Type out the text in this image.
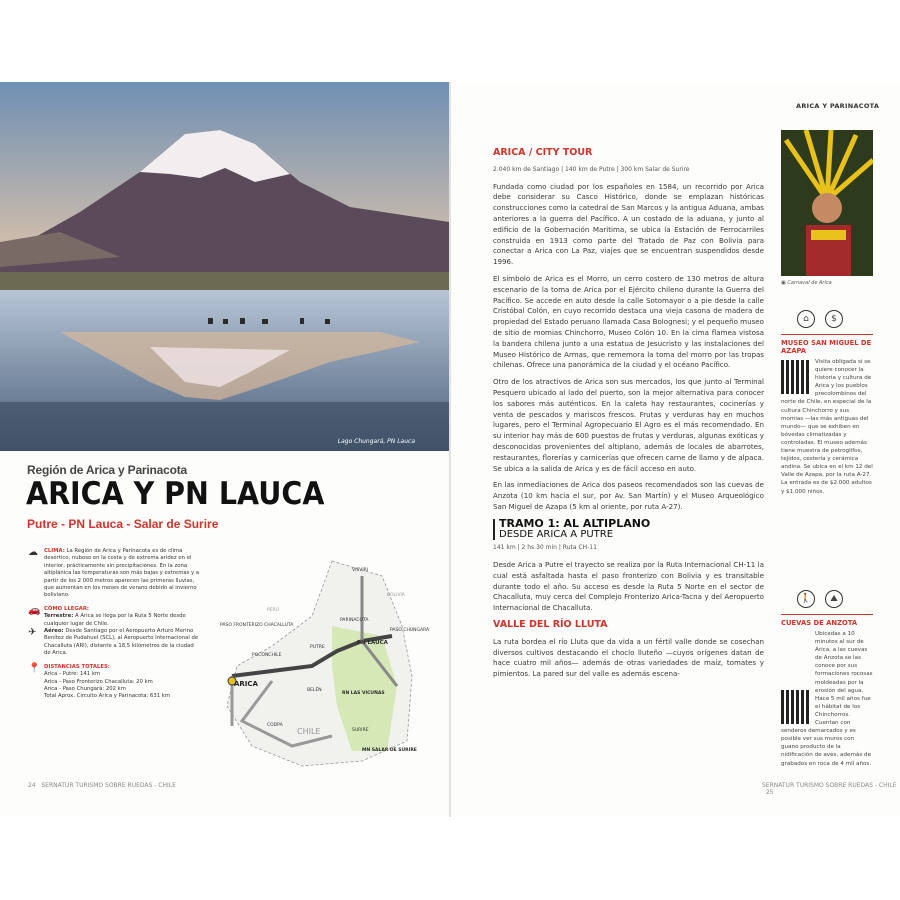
Lago Chungará, PN Lauca
Región de Arica y Parinacota
ARICA Y PN LAUCA
Putre - PN Lauca - Salar de Surire
☁	CLIMA: La Región de Arica y Parinacota es de clima desértico, nuboso en la costa y de extrema aridez en el interior, prácticamente sin precipitaciones. En la zona altiplánica las temperaturas son más bajas y extremas y a partir de los 2 000 metros aparecen las primeras lluvias, que aumentan en los meses de verano debido al invierno boliviano.
🚗 CÓMO LLEGAR:
Terrestre: A Arica se llega por la Ruta 5 Norte desde cualquier lugar de Chile.
✈	Aéreo: Desde Santiago por el Aeropuerto Arturo Merino Benítez de Pudahuel (SCL), al Aeropuerto Internacional de Chacalluta (ARI), distante a 18,5 kilómetros de la ciudad de Arica.
📍 DISTANCIAS TOTALES:
Arica - Putre: 141 km
Arica - Paso Fronterizo Chacalluta: 20 km
Arica - Paso Chungará: 202 km
Total Aprox. Circuito Arica y Parinacota: 631 km
ARICA
VISVIRI
PERÚ
BOLIVIA
PASO FRONTERIZO CHACALLUTA
PARINACOTA
PASO CHUNGARÁ
PN LAUCA
POCONCHILE
PUTRE
BELÉN
RN LAS VICUÑAS
CHILE
CODPA
SURIRE
MN SALAR DE SURIRE
24 SERNATUR TURISMO SOBRE RUEDAS - CHILE
ARICA Y PARINACOTA

ARICA / CITY TOUR

2.040 km de Santiago | 140 km de Putre | 300 km Salar de Surire

Fundada como ciudad por los españoles en 1584, un recorrido por Arica debe considerar su Casco Histórico, donde se emplazan históricas construcciones como la catedral de San Marcos y la antigua Aduana, ambas anteriores a la guerra del Pacífico. A un costado de la aduana, y junto al edificio de la Gobernación Marítima, se ubica la Estación de Ferrocarriles construida en 1913 como parte del Tratado de Paz con Bolivia para conectar a Arica con La Paz, viajes que se encuentran suspendidos desde 1996.

El símbolo de Arica es el Morro, un cerro costero de 130 metros de altura escenario de la toma de Arica por el Ejército chileno durante la Guerra del Pacífico. Se accede en auto desde la calle Sotomayor o a pie desde la calle Cristóbal Colón, en cuyo recorrido destaca una vieja casona de madera de propiedad del Estado peruano llamada Casa Bolognesi; y el pequeño museo de sitio de momias Chinchorro, Museo Colón 10. En la cima flamea vistosa la bandera chilena junto a una estatua de Jesucristo y las instalaciones del Museo Histórico de Armas, que rememora la toma del morro por las tropas chilenas. Ofrece una panorámica de la ciudad y el océano Pacífico.

Otro de los atractivos de Arica son sus mercados, los que junto al Terminal Pesquero ubicado al lado del puerto, son la mejor alternativa para conocer los sabores más auténticos. En la caleta hay restaurantes, cocinerías y venta de pescados y mariscos frescos. Frutas y verduras hay en muchos lugares, pero el Terminal Agropecuario El Agro es el más recomendado. En su interior hay más de 600 puestos de frutas y verduras, algunas exóticas y desconocidas provenientes del altiplano, además de locales de abarrotes, restaurantes, florerías y carnicerías que ofrecen carne de llamo y de alpaca. Se ubica a la salida de Arica y es de fácil acceso en auto.

En las inmediaciones de Arica dos paseos recomendados son las cuevas de Anzota (10 km hacia el sur, por Av. San Martín) y el Museo Arqueológico San Miguel de Azapa (5 km al oriente, por ruta A-27).

TRAMO 1: AL ALTIPLANO
DESDE ARICA A PUTRE
141 km | 2 hs 30 min | Ruta CH-11

Desde Arica a Putre el trayecto se realiza por la Ruta Internacional CH-11 la cual está asfaltada hasta el paso fronterizo con Bolivia y es transitable durante todo el año. Su acceso es desde la Ruta 5 Norte en el sector de Chacalluta, muy cerca del Complejo Fronterizo Arica-Tacna y del Aeropuerto Internacional de Chacalluta.

VALLE DEL RÍO LLUTA

La ruta bordea el río Lluta que da vida a un fértil valle donde se cosechan diversos cultivos destacando el choclo lluteño —cuyos orígenes datan de hace cuatro mil años— además de otras variedades de maíz, tomates y pimientos. La pared sur del valle es además escena-

▣ Carnaval de Arica
⌂	$
MUSEO SAN MIGUEL DE AZAPA
Visita obligada si se quiere conocer la historia y cultura de Arica y los pueblos precolombinos del norte de Chile, en especial de la cultura Chinchorro y sus momias —las más antiguas del mundo— que se exhiben en bóvedas climatizadas y controladas. El museo además tiene muestra de petroglifos, tejidos, cestería y cerámica andina. Se ubica en el km 12 del Valle de Azapa, por la ruta A-27. La entrada es de $2.000 adultos y $1.000 niños.
🚶	⛰
CUEVAS DE ANZOTA
Ubicadas a 10 minutos al sur de Arica, a las cuevas de Anzota se las conoce por sus formaciones rocosas moldeadas por la erosión del agua. Hace 5 mil años fue el hábitat de los Chinchorros. Cuentan con senderos demarcados y es posible ver sus muros con guano producto de la nidificación de aves, además de grabados en roca de 4 mil años.
SERNATUR TURISMO SOBRE RUEDAS - CHILE   25
